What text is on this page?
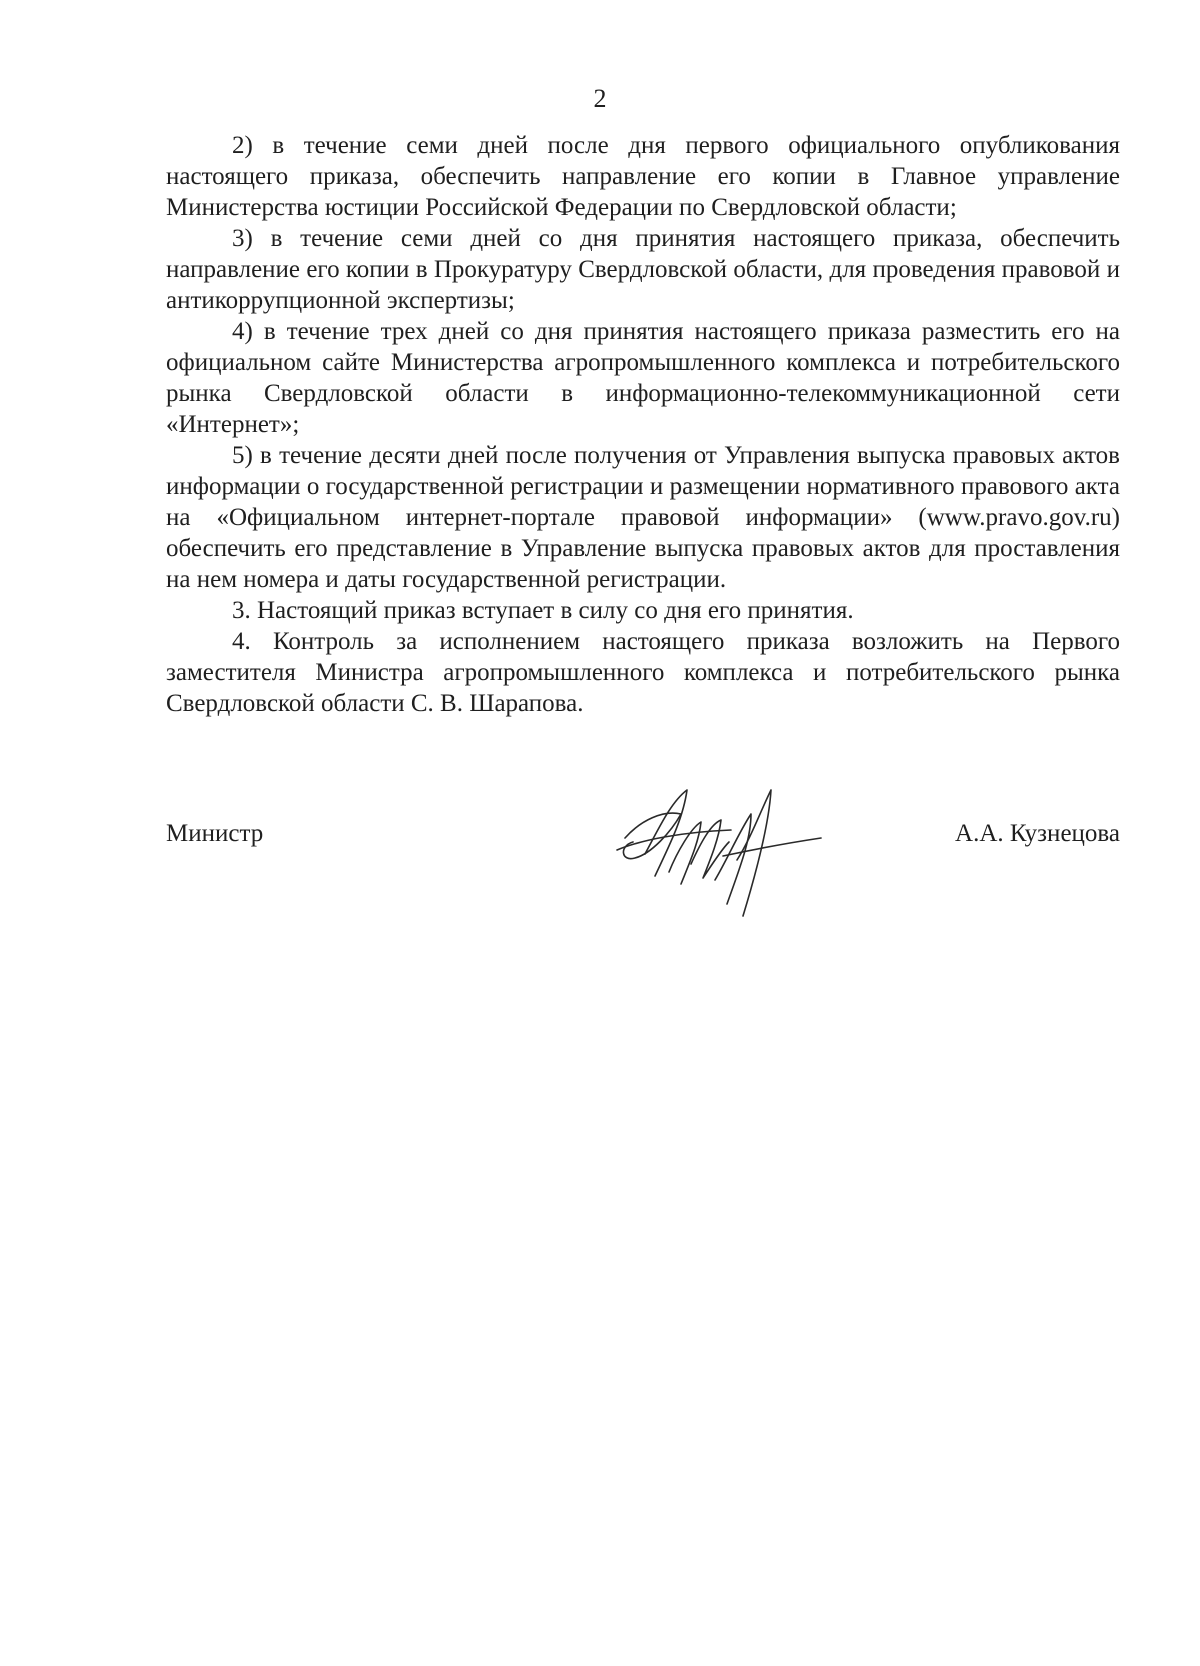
2

2) в течение семи дней после дня первого официального опубликования настоящего приказа, обеспечить направление его копии в Главное управление Министерства юстиции Российской Федерации по Свердловской области;

3) в течение семи дней со дня принятия настоящего приказа, обеспечить направление его копии в Прокуратуру Свердловской области, для проведения правовой и антикоррупционной экспертизы;

4) в течение трех дней со дня принятия настоящего приказа разместить его на официальном сайте Министерства агропромышленного комплекса и потребительского рынка Свердловской области в информационно-телекоммуникационной сети «Интернет»;

5) в течение десяти дней после получения от Управления выпуска правовых актов информации о государственной регистрации и размещении нормативного правового акта на «Официальном интернет-портале правовой информации» (www.pravo.gov.ru) обеспечить его представление в Управление выпуска правовых актов для проставления на нем номера и даты государственной регистрации.

3. Настоящий приказ вступает в силу со дня его принятия.

4. Контроль за исполнением настоящего приказа возложить на Первого заместителя Министра агропромышленного комплекса и потребительского рынка Свердловской области С. В. Шарапова.

Министр	А.А. Кузнецова
